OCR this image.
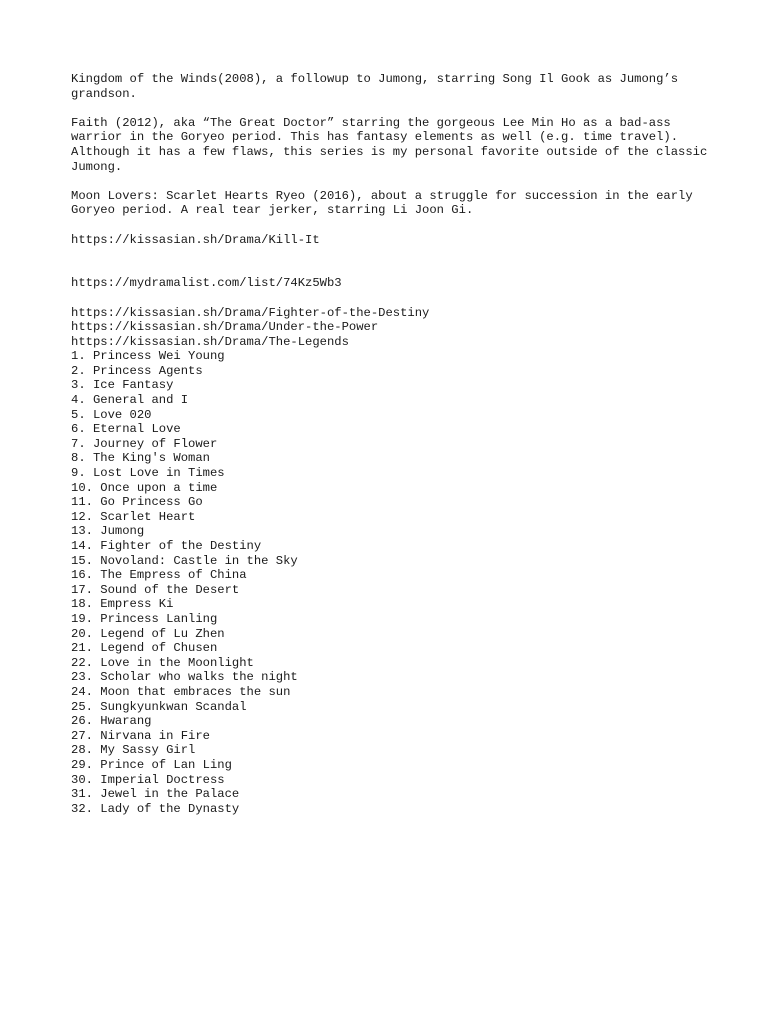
Kingdom of the Winds(2008), a followup to Jumong, starring Song Il Gook as Jumong’s grandson.

Faith (2012), aka “The Great Doctor” starring the gorgeous Lee Min Ho as a bad-ass warrior in the Goryeo period. This has fantasy elements as well (e.g. time travel). Although it has a few flaws, this series is my personal favorite outside of the classic Jumong.

Moon Lovers: Scarlet Hearts Ryeo (2016), about a struggle for succession in the early Goryeo period. A real tear jerker, starring Li Joon Gi.

https://kissasian.sh/Drama/Kill-It
https://mydramalist.com/list/74Kz5Wb3
https://kissasian.sh/Drama/Fighter-of-the-Destiny
https://kissasian.sh/Drama/Under-the-Power
https://kissasian.sh/Drama/The-Legends
1. Princess Wei Young
2. Princess Agents
3. Ice Fantasy
4. General and I
5. Love 020
6. Eternal Love
7. Journey of Flower
8. The King's Woman
9. Lost Love in Times
10. Once upon a time
11. Go Princess Go
12. Scarlet Heart
13. Jumong
14. Fighter of the Destiny
15. Novoland: Castle in the Sky
16. The Empress of China
17. Sound of the Desert
18. Empress Ki
19. Princess Lanling
20. Legend of Lu Zhen
21. Legend of Chusen
22. Love in the Moonlight
23. Scholar who walks the night
24. Moon that embraces the sun
25. Sungkyunkwan Scandal
26. Hwarang
27. Nirvana in Fire
28. My Sassy Girl
29. Prince of Lan Ling
30. Imperial Doctress
31. Jewel in the Palace
32. Lady of the Dynasty
